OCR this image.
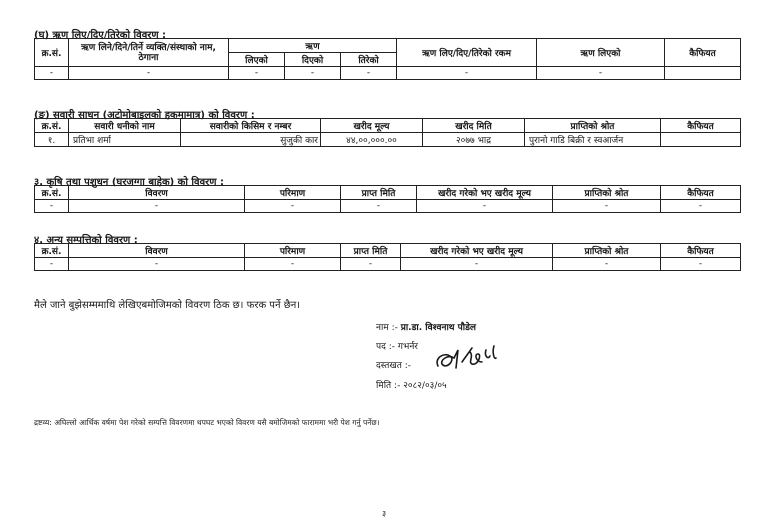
(घ) ऋण लिए/दिए/तिरेको विवरण :
क्र.सं.	ऋण लिने/दिने/तिर्ने व्यक्ति/संस्थाको नाम, ठेगाना	ऋण			ऋण लिए/दिए/तिरेको रकम	ऋण लिएको	कैफियत
		लिएको	दिएको	तिरेको			
-	-	-	-	-	-	-	
(ङ) सवारी साधन (अटोमोबाइलको हकमामात्र) को विवरण :
क्र.सं.	सवारी धनीको नाम	सवारीको किसिम र नम्बर	खरीद मूल्य	खरीद मिति	प्राप्तिको श्रोत	कैफियत
१.	प्रतिभा शर्मा	सुजुकी कार	४४,००,०००.००	२०७७ भाद्र	पुरानो गाडि बिक्री र स्वआर्जन	
३. कृषि तथा पशुधन (घरजग्गा बाहेक) को विवरण :
क्र.सं.	विवरण	परिमाण	प्राप्त मिति	खरीद गरेको भए खरीद मूल्य	प्राप्तिको श्रोत	कैफियत
-	-	-	-	-	-	-
४. अन्य सम्पत्तिको विवरण :
क्र.सं.	विवरण	परिमाण	प्राप्त मिति	खरीद गरेको भए खरीद मूल्य	प्राप्तिको श्रोत	कैफियत
-	-	-	-	-	-	-
मैले जाने बुझेसम्ममाथि लेखिएबमोजिमको विवरण ठिक छ। फरक पर्ने छैन।
नाम :- प्रा.डा. विश्वनाथ पौडेल
पद :- गभर्नर
दस्तखत :-
मिति :- २०८२/०३/०५
द्रष्टव्य: अघिल्लो आर्थिक वर्षमा पेश गरेको सम्पत्ति विवरणमा थपघट भएको विवरण यसै बमोजिमको फाराममा भरी पेश गर्नु पर्नेछ।
३
